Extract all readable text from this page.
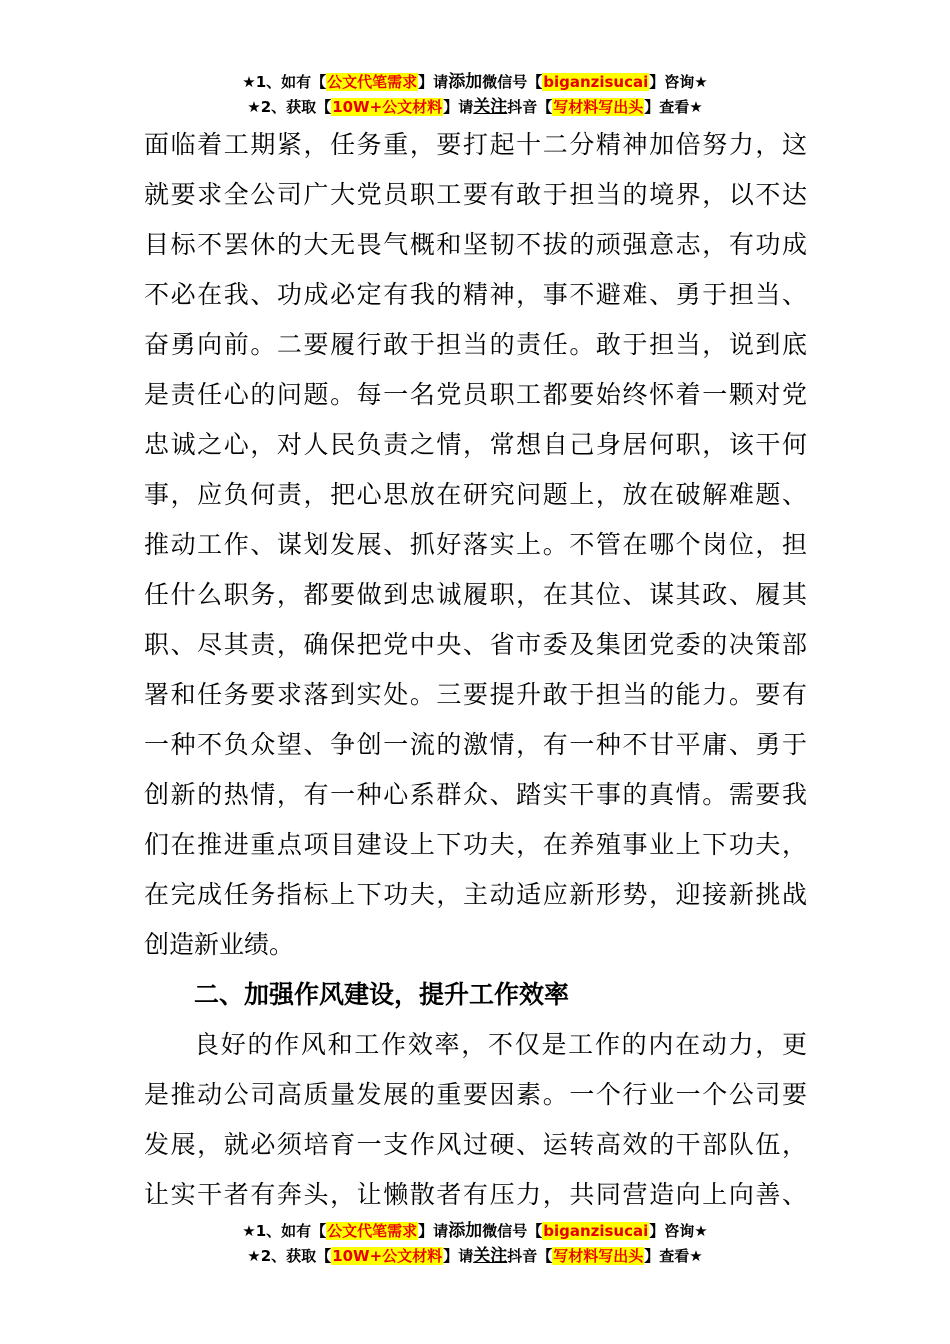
★1、如有【公文代笔需求】请添加微信号【biganzisucai】咨询★
★2、获取【10W+公文材料】请关注抖音【写材料写出头】查看★
面临着工期紧，任务重，要打起十二分精神加倍努力，这
就要求全公司广大党员职工要有敢于担当的境界，以不达
目标不罢休的大无畏气概和坚韧不拔的顽强意志，有功成
不必在我、功成必定有我的精神，事不避难、勇于担当、
奋勇向前。二要履行敢于担当的责任。敢于担当，说到底
是责任心的问题。每一名党员职工都要始终怀着一颗对党
忠诚之心，对人民负责之情，常想自己身居何职，该干何
事，应负何责，把心思放在研究问题上，放在破解难题、
推动工作、谋划发展、抓好落实上。不管在哪个岗位，担
任什么职务，都要做到忠诚履职，在其位、谋其政、履其
职、尽其责，确保把党中央、省市委及集团党委的决策部
署和任务要求落到实处。三要提升敢于担当的能力。要有
一种不负众望、争创一流的激情，有一种不甘平庸、勇于
创新的热情，有一种心系群众、踏实干事的真情。需要我
们在推进重点项目建设上下功夫，在养殖事业上下功夫，
在完成任务指标上下功夫，主动适应新形势，迎接新挑战
创造新业绩。
二、加强作风建设，提升工作效率
良好的作风和工作效率，不仅是工作的内在动力，更
是推动公司高质量发展的重要因素。一个行业一个公司要
发展，就必须培育一支作风过硬、运转高效的干部队伍，
让实干者有奔头，让懒散者有压力，共同营造向上向善、
★1、如有【公文代笔需求】请添加微信号【biganzisucai】咨询★
★2、获取【10W+公文材料】请关注抖音【写材料写出头】查看★
